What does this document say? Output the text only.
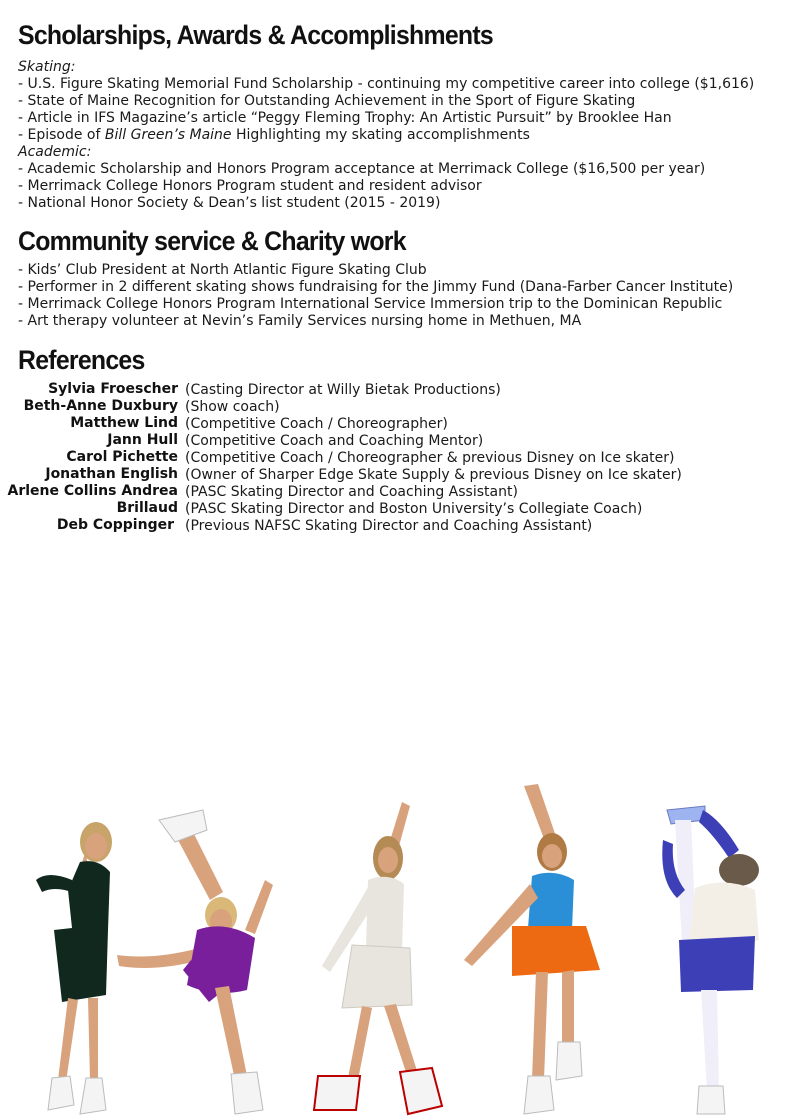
Scholarships, Awards & Accomplishments
Skating:
- U.S. Figure Skating Memorial Fund Scholarship - continuing my competitive career into college ($1,616)
- State of Maine Recognition for Outstanding Achievement in the Sport of Figure Skating
- Article in IFS Magazine’s article “Peggy Fleming Trophy: An Artistic Pursuit” by Brooklee Han
- Episode of Bill Green’s Maine Highlighting my skating accomplishments
Academic:
- Academic Scholarship and Honors Program acceptance at Merrimack College ($16,500 per year)
- Merrimack College Honors Program student and resident advisor
- National Honor Society & Dean’s list student (2015 - 2019)
Community service & Charity work
- Kids’ Club President at North Atlantic Figure Skating Club
- Performer in 2 different skating shows fundraising for the Jimmy Fund (Dana-Farber Cancer Institute)
- Merrimack College Honors Program International Service Immersion trip to the Dominican Republic
- Art therapy volunteer at Nevin’s Family Services nursing home in Methuen, MA
References
Sylvia Froescher (Casting Director at Willy Bietak Productions)
Beth-Anne Duxbury (Show coach)
Matthew Lind (Competitive Coach / Choreographer)
Jann Hull (Competitive Coach and Coaching Mentor)
Carol Pichette (Competitive Coach / Choreographer & previous Disney on Ice skater)
Jonathan English (Owner of Sharper Edge Skate Supply & previous Disney on Ice skater)
Arlene Collins Andrea (PASC Skating Director and Coaching Assistant)
Brillaud (PASC Skating Director and Boston University’s Collegiate Coach)
Deb Coppinger (Previous NAFSC Skating Director and Coaching Assistant)
